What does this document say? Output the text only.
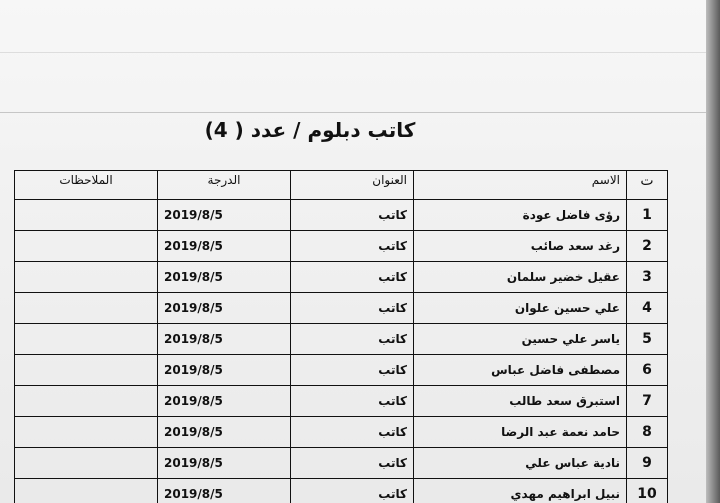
كاتب دبلوم / عدد ( 4)
ت	الاسم	العنوان	الدرجة	الملاحظات
1	رؤى فاضل عودة	كاتب	2019/8/5	
2	رغد سعد صائب	كاتب	2019/8/5	
3	عقيل خضير سلمان	كاتب	2019/8/5	
4	علي حسين علوان	كاتب	2019/8/5	
5	ياسر علي حسين	كاتب	2019/8/5	
6	مصطفى فاضل عباس	كاتب	2019/8/5	
7	استبرق سعد طالب	كاتب	2019/8/5	
8	حامد نعمة عبد الرضا	كاتب	2019/8/5	
9	نادية عباس علي	كاتب	2019/8/5	
10	نبيل ابراهيم مهدي	كاتب	2019/8/5	
